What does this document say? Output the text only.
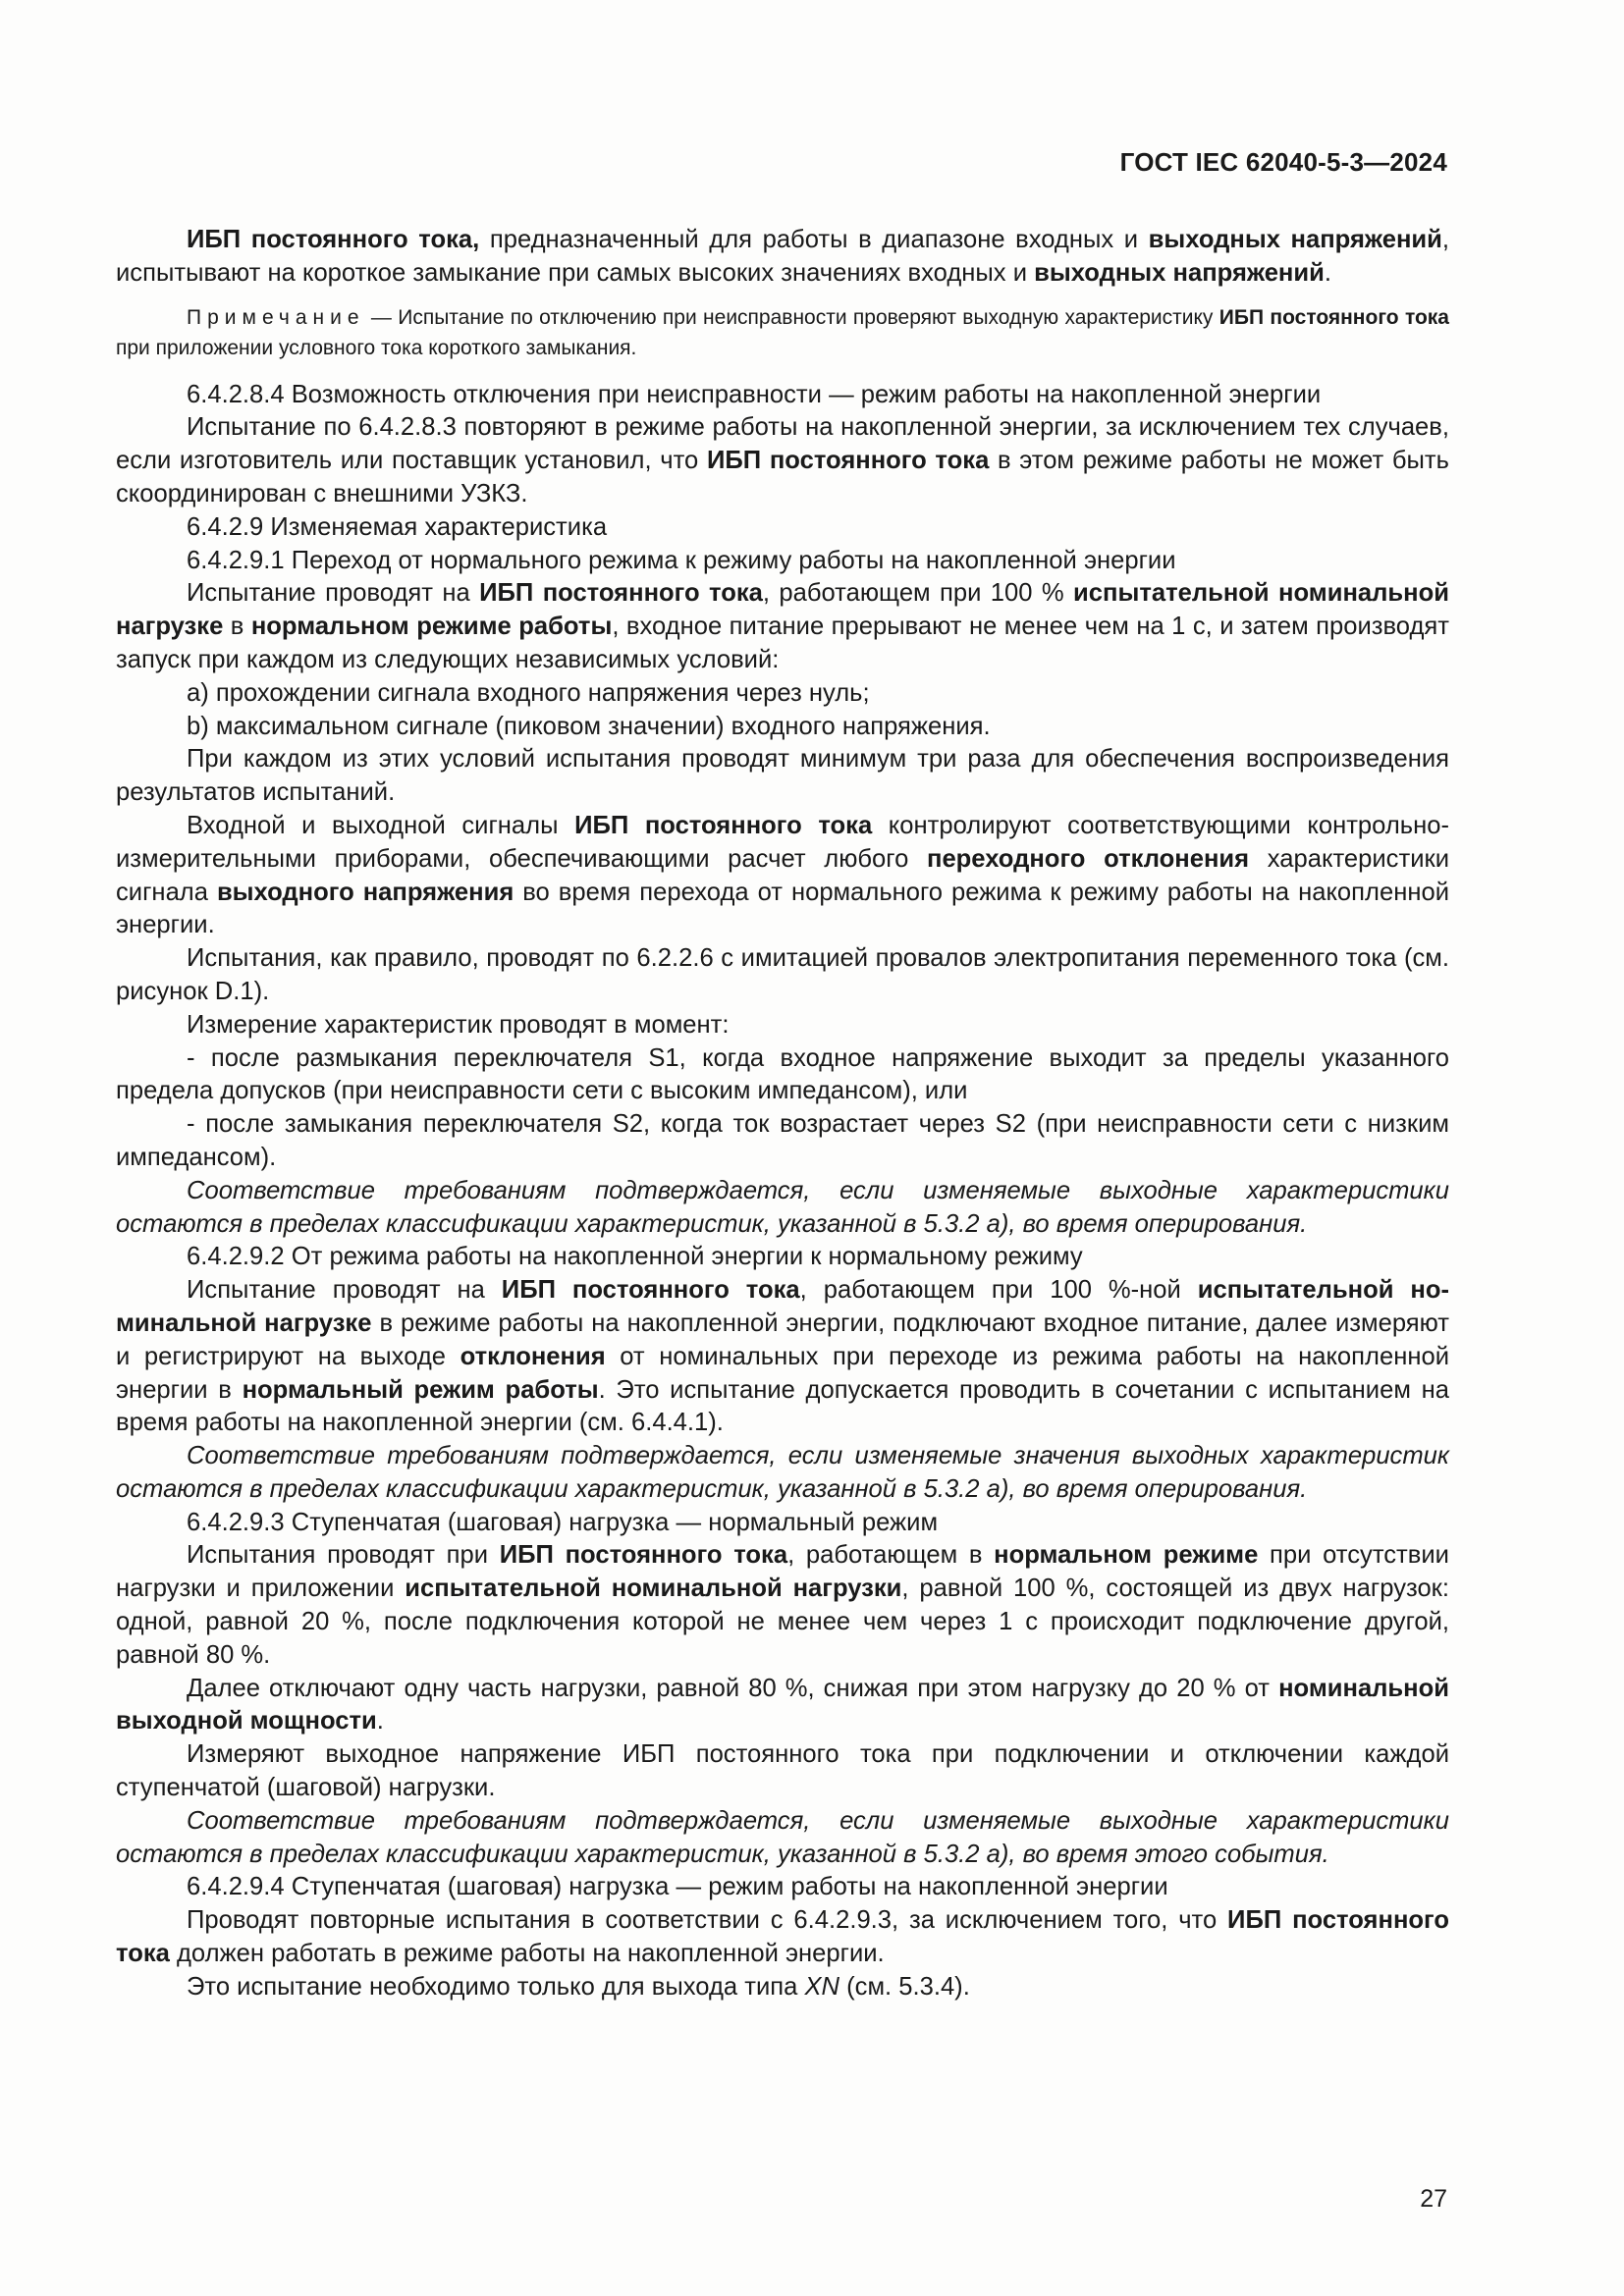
ГОСТ IEC 62040-5-3—2024

ИБП постоянного тока, предназначенный для работы в диапазоне входных и выходных напряжений, испытывают на короткое замыкание при самых высоких значениях входных и выходных напряжений.

Примечание — Испытание по отключению при неисправности проверяют выходную характеристику ИБП постоянного тока при приложении условного тока короткого замыкания.

6.4.2.8.4 Возможность отключения при неисправности — режим работы на накопленной энергии

Испытание по 6.4.2.8.3 повторяют в режиме работы на накопленной энергии, за исключением тех случаев, если изготовитель или поставщик установил, что ИБП постоянного тока в этом режиме работы не может быть скоординирован с внешними УЗКЗ.

6.4.2.9 Изменяемая характеристика

6.4.2.9.1 Переход от нормального режима к режиму работы на накопленной энергии

Испытание проводят на ИБП постоянного тока, работающем при 100 % испытательной номинальной нагрузке в нормальном режиме работы, входное питание прерывают не менее чем на 1 с, и затем производят запуск при каждом из следующих независимых условий:

a) прохождении сигнала входного напряжения через нуль;

b) максимальном сигнале (пиковом значении) входного напряжения.

При каждом из этих условий испытания проводят минимум три раза для обеспечения воспроизведения результатов испытаний.

Входной и выходной сигналы ИБП постоянного тока контролируют соответствующими контрольно-измерительными приборами, обеспечивающими расчет любого переходного отклонения характеристики сигнала выходного напряжения во время перехода от нормального режима к режиму работы на накопленной энергии.

Испытания, как правило, проводят по 6.2.2.6 с имитацией провалов электропитания переменного тока (см. рисунок D.1).

Измерение характеристик проводят в момент:

- после размыкания переключателя S1, когда входное напряжение выходит за пределы указанного предела допусков (при неисправности сети с высоким импедансом), или

- после замыкания переключателя S2, когда ток возрастает через S2 (при неисправности сети с низким импедансом).

Соответствие требованиям подтверждается, если изменяемые выходные характеристики остаются в пределах классификации характеристик, указанной в 5.3.2 а), во время оперирования.

6.4.2.9.2 От режима работы на накопленной энергии к нормальному режиму

Испытание проводят на ИБП постоянного тока, работающем при 100 %-ной испытательной номинальной нагрузке в режиме работы на накопленной энергии, подключают входное питание, далее измеряют и регистрируют на выходе отклонения от номинальных при переходе из режима работы на накопленной энергии в нормальный режим работы. Это испытание допускается проводить в сочетании с испытанием на время работы на накопленной энергии (см. 6.4.4.1).

Соответствие требованиям подтверждается, если изменяемые значения выходных характеристик остаются в пределах классификации характеристик, указанной в 5.3.2 а), во время оперирования.

6.4.2.9.3 Ступенчатая (шаговая) нагрузка — нормальный режим

Испытания проводят при ИБП постоянного тока, работающем в нормальном режиме при отсутствии нагрузки и приложении испытательной номинальной нагрузки, равной 100 %, состоящей из двух нагрузок: одной, равной 20 %, после подключения которой не менее чем через 1 с происходит подключение другой, равной 80 %.

Далее отключают одну часть нагрузки, равной 80 %, снижая при этом нагрузку до 20 % от номинальной выходной мощности.

Измеряют выходное напряжение ИБП постоянного тока при подключении и отключении каждой ступенчатой (шаговой) нагрузки.

Соответствие требованиям подтверждается, если изменяемые выходные характеристики остаются в пределах классификации характеристик, указанной в 5.3.2 а), во время этого события.

6.4.2.9.4 Ступенчатая (шаговая) нагрузка — режим работы на накопленной энергии

Проводят повторные испытания в соответствии с 6.4.2.9.3, за исключением того, что ИБП постоянного тока должен работать в режиме работы на накопленной энергии.

Это испытание необходимо только для выхода типа XN (см. 5.3.4).

27
